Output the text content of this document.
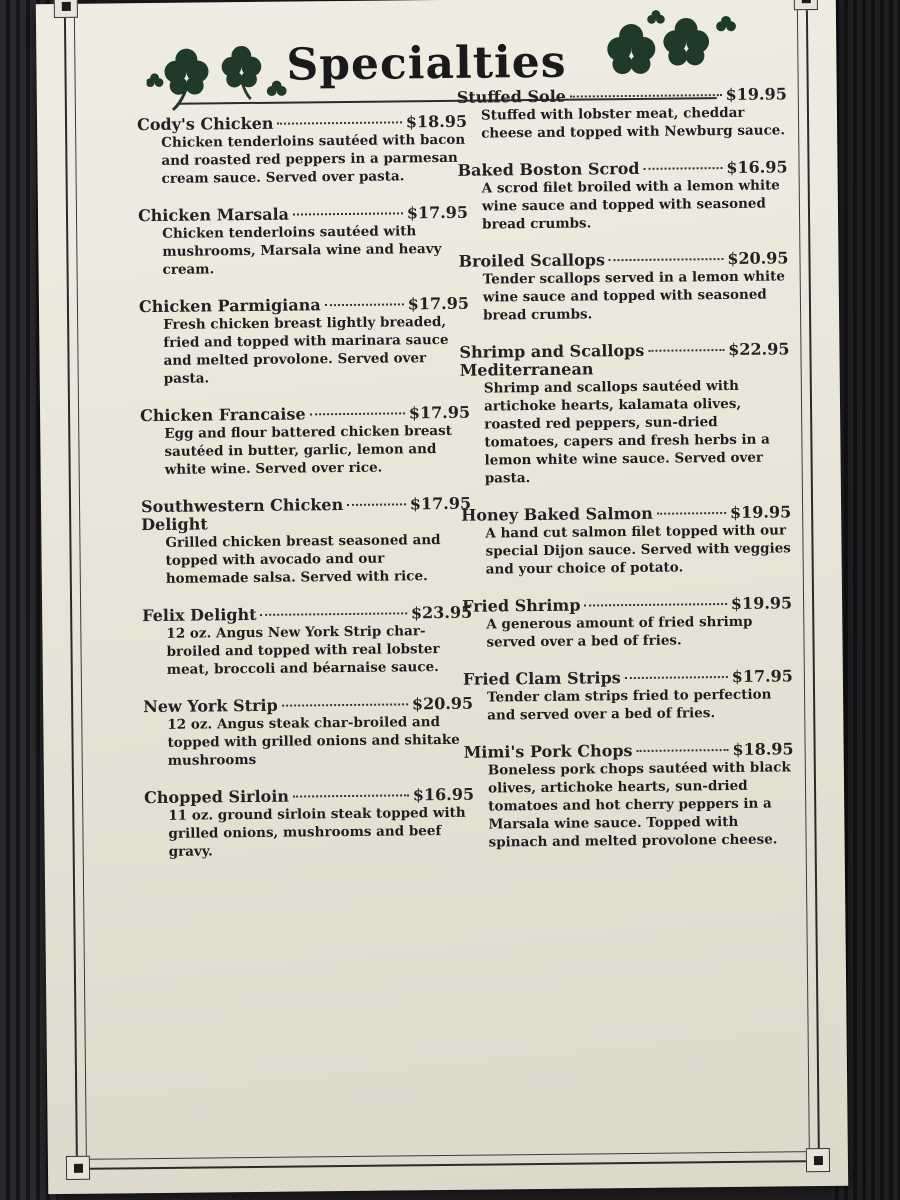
Specialties
Cody's Chicken	$18.95
Chicken tenderloins sautéed with bacon and roasted red peppers in a parmesan cream sauce. Served over pasta.
Chicken Marsala	$17.95
Chicken tenderloins sautéed with mushrooms, Marsala wine and heavy cream.
Chicken Parmigiana	$17.95
Fresh chicken breast lightly breaded, fried and topped with marinara sauce and melted provolone. Served over pasta.
Chicken Francaise	$17.95
Egg and flour battered chicken breast sautéed in butter, garlic, lemon and white wine. Served over rice.
Southwestern Chicken	$17.95
Delight
Grilled chicken breast seasoned and topped with avocado and our homemade salsa. Served with rice.
Felix Delight	$23.95
12 oz. Angus New York Strip char-broiled and topped with real lobster meat, broccoli and béarnaise sauce.
New York Strip	$20.95
12 oz. Angus steak char-broiled and topped with grilled onions and shitake mushrooms
Chopped Sirloin	$16.95
11 oz. ground sirloin steak topped with grilled onions, mushrooms and beef gravy.
Stuffed Sole	$19.95
Stuffed with lobster meat, cheddar cheese and topped with Newburg sauce.
Baked Boston Scrod	$16.95
A scrod filet broiled with a lemon white wine sauce and topped with seasoned bread crumbs.
Broiled Scallops	$20.95
Tender scallops served in a lemon white wine sauce and topped with seasoned bread crumbs.
Shrimp and Scallops	$22.95
Mediterranean
Shrimp and scallops sautéed with artichoke hearts, kalamata olives, roasted red peppers, sun-dried tomatoes, capers and fresh herbs in a lemon white wine sauce. Served over pasta.
Honey Baked Salmon	$19.95
A hand cut salmon filet topped with our special Dijon sauce. Served with veggies and your choice of potato.
Fried Shrimp	$19.95
A generous amount of fried shrimp served over a bed of fries.
Fried Clam Strips	$17.95
Tender clam strips fried to perfection and served over a bed of fries.
Mimi's Pork Chops	$18.95
Boneless pork chops sautéed with black olives, artichoke hearts, sun-dried tomatoes and hot cherry peppers in a Marsala wine sauce. Topped with spinach and melted provolone cheese.
